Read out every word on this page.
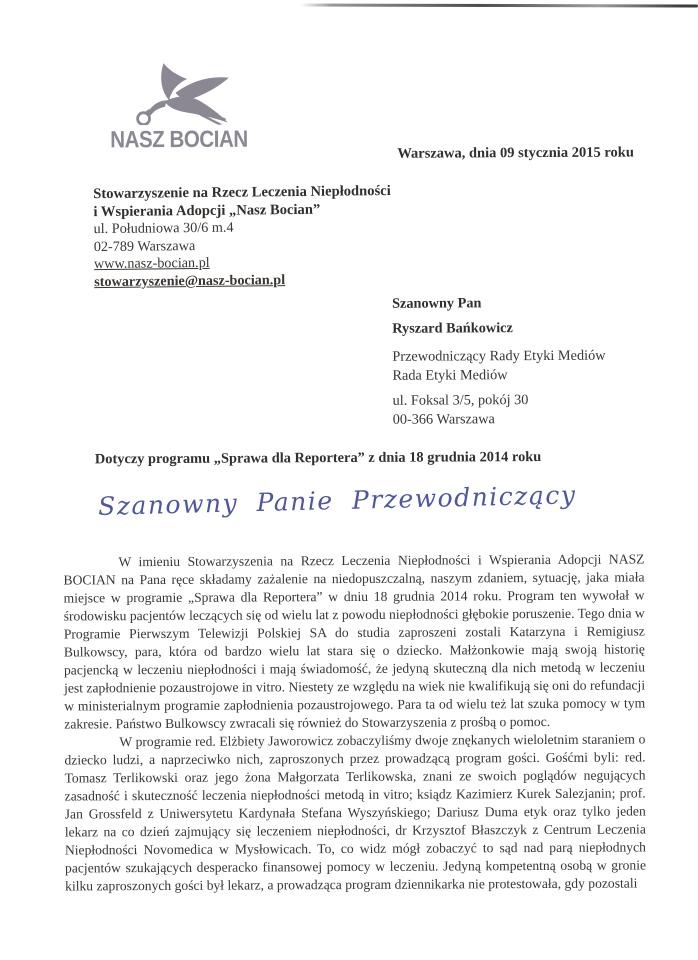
NASZ BOCIAN
Warszawa, dnia 09 stycznia 2015 roku
Stowarzyszenie na Rzecz Leczenia Niepłodności
i Wspierania Adopcji „Nasz Bocian”
ul. Południowa 30/6 m.4
02-789 Warszawa
www.nasz-bocian.pl
stowarzyszenie@nasz-bocian.pl
Szanowny Pan
Ryszard Bańkowicz
Przewodniczący Rady Etyki Mediów
Rada Etyki Mediów
ul. Foksal 3/5, pokój 30
00-366 Warszawa
Dotyczy programu „Sprawa dla Reportera” z dnia 18 grudnia 2014 roku
Szanowny Panie Przewodniczący

W imieniu Stowarzyszenia na Rzecz Leczenia Niepłodności i Wspierania Adopcji NASZ BOCIAN na Pana ręce składamy zażalenie na niedopuszczalną, naszym zdaniem, sytuację, jaka miała miejsce w programie „Sprawa dla Reportera” w dniu 18 grudnia 2014 roku. Program ten wywołał w środowisku pacjentów leczących się od wielu lat z powodu niepłodności głębokie poruszenie. Tego dnia w Programie Pierwszym Telewizji Polskiej SA do studia zaproszeni zostali Katarzyna i Remigiusz Bulkowscy, para, która od bardzo wielu lat stara się o dziecko. Małżonkowie mają swoją historię pacjencką w leczeniu niepłodności i mają świadomość, że jedyną skuteczną dla nich metodą w leczeniu jest zapłodnienie pozaustrojowe in vitro. Niestety ze względu na wiek nie kwalifikują się oni do refundacji w ministerialnym programie zapłodnienia pozaustrojowego. Para ta od wielu też lat szuka pomocy w tym zakresie. Państwo Bulkowscy zwracali się również do Stowarzyszenia z prośbą o pomoc.

W programie red. Elżbiety Jaworowicz zobaczyliśmy dwoje znękanych wieloletnim staraniem o dziecko ludzi, a naprzeciwko nich, zaproszonych przez prowadzącą program gości. Gośćmi byli: red. Tomasz Terlikowski oraz jego żona Małgorzata Terlikowska, znani ze swoich poglądów negujących zasadność i skuteczność leczenia niepłodności metodą in vitro; ksiądz Kazimierz Kurek Salezjanin; prof. Jan Grossfeld z Uniwersytetu Kardynała Stefana Wyszyńskiego; Dariusz Duma etyk oraz tylko jeden lekarz na co dzień zajmujący się leczeniem niepłodności, dr Krzysztof Błaszczyk z Centrum Leczenia Niepłodności Novomedica w Mysłowicach. To, co widz mógł zobaczyć to sąd nad parą niepłodnych pacjentów szukających desperacko finansowej pomocy w leczeniu. Jedyną kompetentną osobą w gronie kilku zaproszonych gości był lekarz, a prowadząca program dziennikarka nie protestowała, gdy pozostali
